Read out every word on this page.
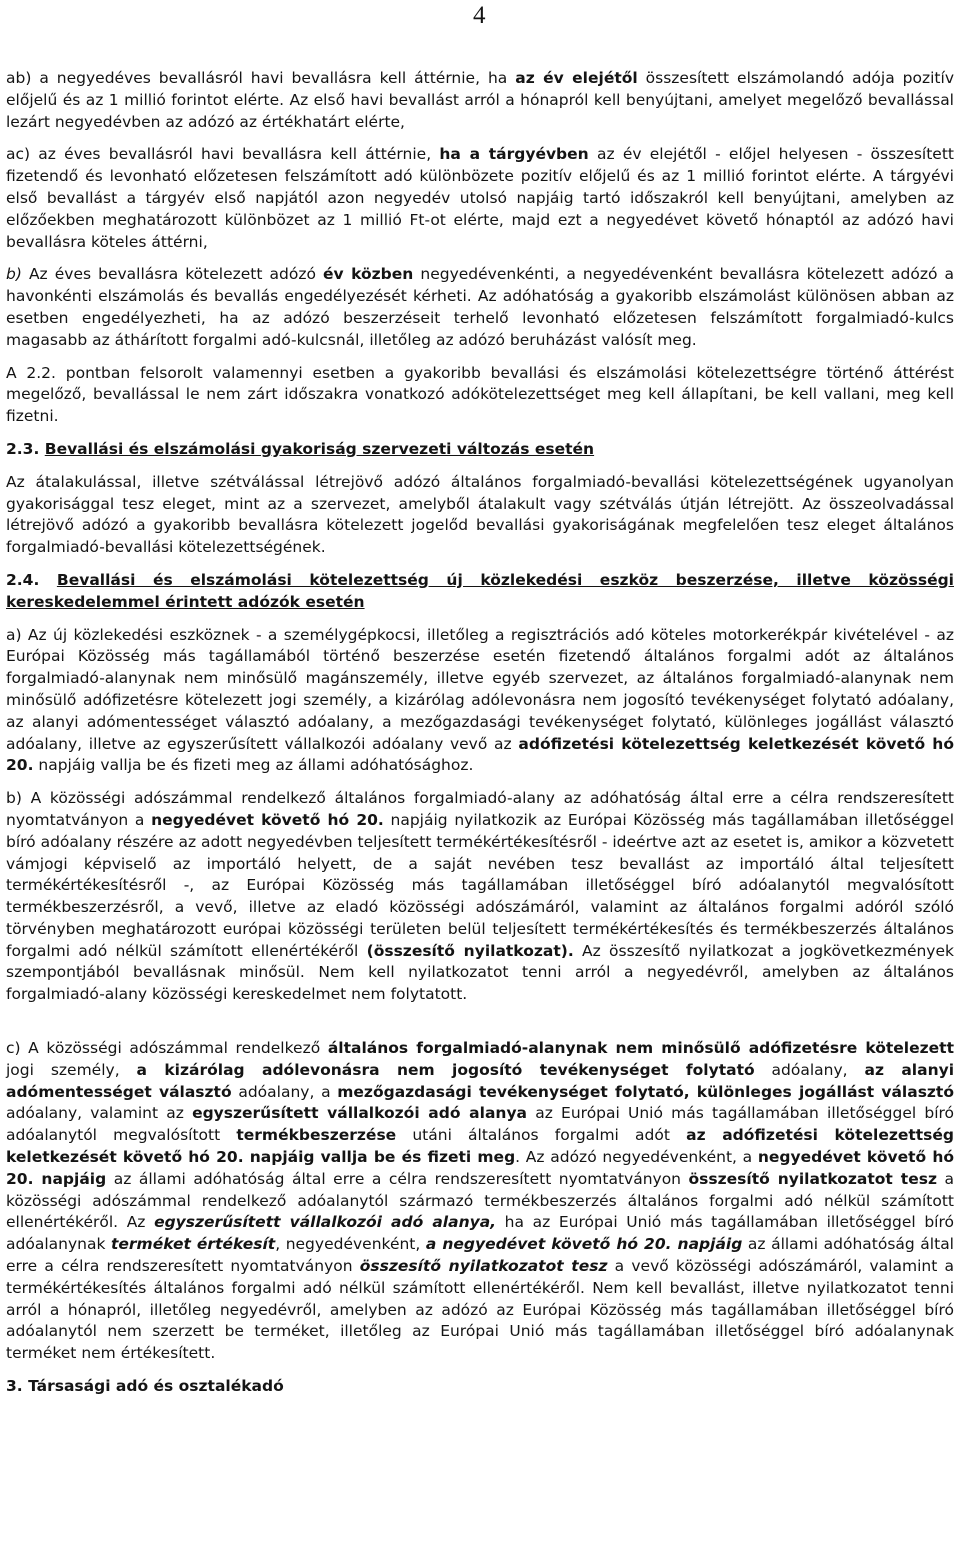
4

ab) a negyedéves bevallásról havi bevallásra kell áttérnie, ha az év elejétől összesített elszámolandó adója pozitív előjelű és az 1 millió forintot elérte. Az első havi bevallást arról a hónapról kell benyújtani, amelyet megelőző bevallással lezárt negyedévben az adózó az értékhatárt elérte,

ac) az éves bevallásról havi bevallásra kell áttérnie, ha a tárgyévben az év elejétől - előjel helyesen - összesített fizetendő és levonható előzetesen felszámított adó különbözete pozitív előjelű és az 1 millió forintot elérte. A tárgyévi első bevallást a tárgyév első napjától azon negyedév utolsó napjáig tartó időszakról kell benyújtani, amelyben az előzőekben meghatározott különbözet az 1 millió Ft-ot elérte, majd ezt a negyedévet követő hónaptól az adózó havi bevallásra köteles áttérni,

b) Az éves bevallásra kötelezett adózó év közben negyedévenkénti, a negyedévenként bevallásra kötelezett adózó a havonkénti elszámolás és bevallás engedélyezését kérheti. Az adóhatóság a gyakoribb elszámolást különösen abban az esetben engedélyezheti, ha az adózó beszerzéseit terhelő levonható előzetesen felszámított forgalmiadó-kulcs magasabb az áthárított forgalmi adó-kulcsnál, illetőleg az adózó beruházást valósít meg.

A 2.2. pontban felsorolt valamennyi esetben a gyakoribb bevallási és elszámolási kötelezettségre történő áttérést megelőző, bevallással le nem zárt időszakra vonatkozó adókötelezettséget meg kell állapítani, be kell vallani, meg kell fizetni.

2.3. Bevallási és elszámolási gyakoriság szervezeti változás esetén

Az átalakulással, illetve szétválással létrejövő adózó általános forgalmiadó-bevallási kötelezettségének ugyanolyan gyakorisággal tesz eleget, mint az a szervezet, amelyből átalakult vagy szétválás útján létrejött. Az összeolvadással létrejövő adózó a gyakoribb bevallásra kötelezett jogelőd bevallási gyakoriságának megfelelően tesz eleget általános forgalmiadó-bevallási kötelezettségének.

2.4. Bevallási és elszámolási kötelezettség új közlekedési eszköz beszerzése, illetve közösségi kereskedelemmel érintett adózók esetén

a) Az új közlekedési eszköznek - a személygépkocsi, illetőleg a regisztrációs adó köteles motorkerékpár kivételével - az Európai Közösség más tagállamából történő beszerzése esetén fizetendő általános forgalmi adót az általános forgalmiadó-alanynak nem minősülő magánszemély, illetve egyéb szervezet, az általános forgalmiadó-alanynak nem minősülő adófizetésre kötelezett jogi személy, a kizárólag adólevonásra nem jogosító tevékenységet folytató adóalany, az alanyi adómentességet választó adóalany, a mezőgazdasági tevékenységet folytató, különleges jogállást választó adóalany, illetve az egyszerűsített vállalkozói adóalany vevő az adófizetési kötelezettség keletkezését követő hó 20. napjáig vallja be és fizeti meg az állami adóhatósághoz.

b) A közösségi adószámmal rendelkező általános forgalmiadó-alany az adóhatóság által erre a célra rendszeresített nyomtatványon a negyedévet követő hó 20. napjáig nyilatkozik az Európai Közösség más tagállamában illetőséggel bíró adóalany részére az adott negyedévben teljesített termékértékesítésről - ideértve azt az esetet is, amikor a közvetett vámjogi képviselő az importáló helyett, de a saját nevében tesz bevallást az importáló által teljesített termékértékesítésről -, az Európai Közösség más tagállamában illetőséggel bíró adóalanytól megvalósított termékbeszerzésről, a vevő, illetve az eladó közösségi adószámáról, valamint az általános forgalmi adóról szóló törvényben meghatározott európai közösségi területen belül teljesített termékértékesítés és termékbeszerzés általános forgalmi adó nélkül számított ellenértékéről (összesítő nyilatkozat). Az összesítő nyilatkozat a jogkövetkezmények szempontjából bevallásnak minősül. Nem kell nyilatkozatot tenni arról a negyedévről, amelyben az általános forgalmiadó-alany közösségi kereskedelmet nem folytatott.

c) A közösségi adószámmal rendelkező általános forgalmiadó-alanynak nem minősülő adófizetésre kötelezett jogi személy, a kizárólag adólevonásra nem jogosító tevékenységet folytató adóalany, az alanyi adómentességet választó adóalany, a mezőgazdasági tevékenységet folytató, különleges jogállást választó adóalany, valamint az egyszerűsített vállalkozói adó alanya az Európai Unió más tagállamában illetőséggel bíró adóalanytól megvalósított termékbeszerzése utáni általános forgalmi adót az adófizetési kötelezettség keletkezését követő hó 20. napjáig vallja be és fizeti meg. Az adózó negyedévenként, a negyedévet követő hó 20. napjáig az állami adóhatóság által erre a célra rendszeresített nyomtatványon összesítő nyilatkozatot tesz a közösségi adószámmal rendelkező adóalanytól származó termékbeszerzés általános forgalmi adó nélkül számított ellenértékéről. Az egyszerűsített vállalkozói adó alanya, ha az Európai Unió más tagállamában illetőséggel bíró adóalanynak terméket értékesít, negyedévenként, a negyedévet követő hó 20. napjáig az állami adóhatóság által erre a célra rendszeresített nyomtatványon összesítő nyilatkozatot tesz a vevő közösségi adószámáról, valamint a termékértékesítés általános forgalmi adó nélkül számított ellenértékéről. Nem kell bevallást, illetve nyilatkozatot tenni arról a hónapról, illetőleg negyedévről, amelyben az adózó az Európai Közösség más tagállamában illetőséggel bíró adóalanytól nem szerzett be terméket, illetőleg az Európai Unió más tagállamában illetőséggel bíró adóalanynak terméket nem értékesített.

3. Társasági adó és osztalékadó
